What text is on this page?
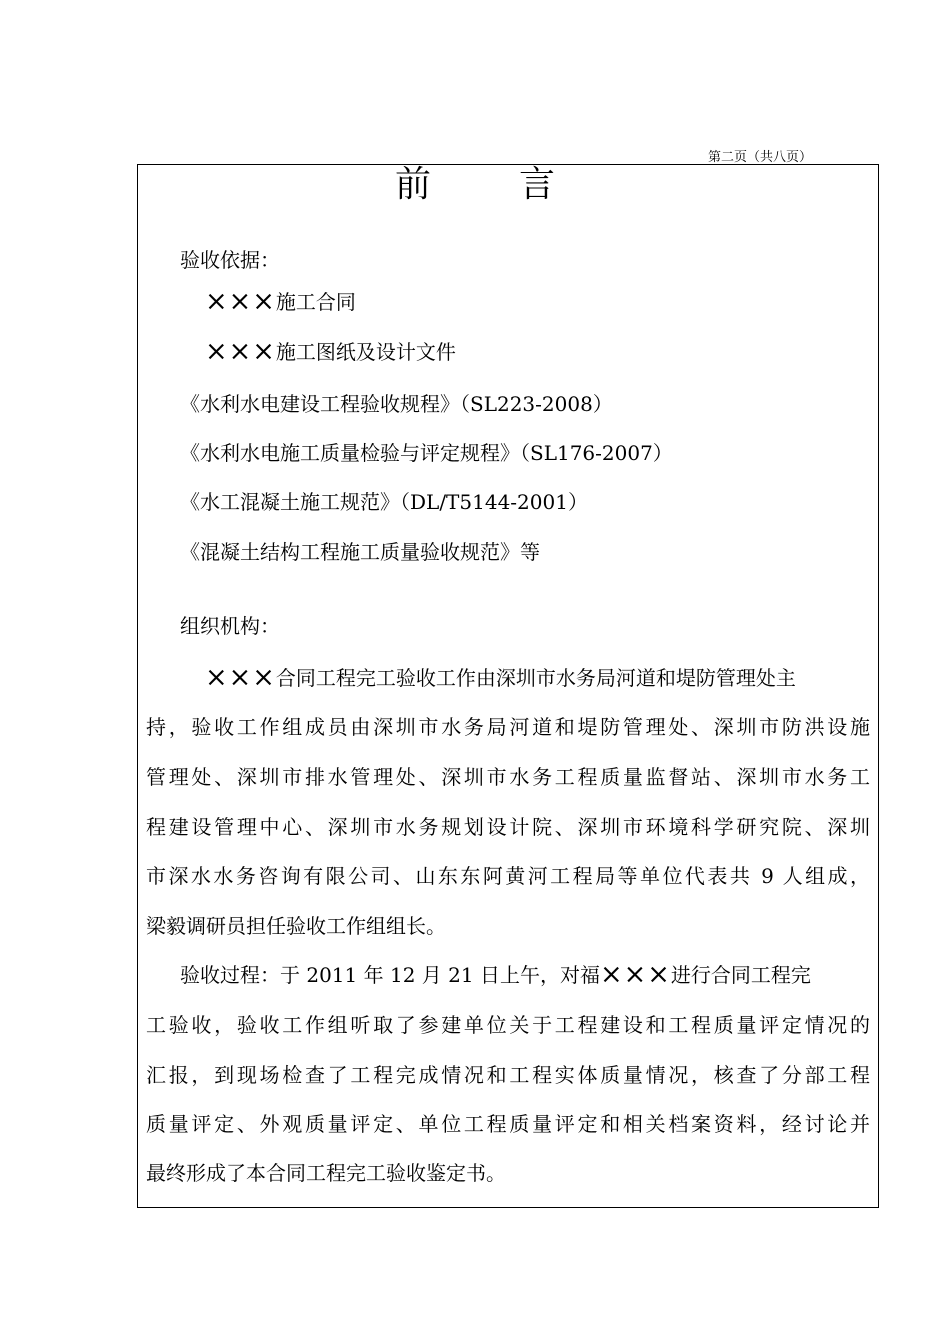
第二页（共八页）
前 言
验收依据：
×××施工合同
×××施工图纸及设计文件
《水利水电建设工程验收规程》（SL223-2008）
《水利水电施工质量检验与评定规程》（SL176-2007）
《水工混凝土施工规范》（DL/T5144-2001）
《混凝土结构工程施工质量验收规范》等
组织机构：
×××合同工程完工验收工作由深圳市水务局河道和堤防管理处主
持，验收工作组成员由深圳市水务局河道和堤防管理处、深圳市防洪设施
管理处、深圳市排水管理处、深圳市水务工程质量监督站、深圳市水务工
程建设管理中心、深圳市水务规划设计院、深圳市环境科学研究院、深圳
市深水水务咨询有限公司、山东东阿黄河工程局等单位代表共 9 人组成，
梁毅调研员担任验收工作组组长。
验收过程：于 2011 年 12 月 21 日上午，对福×××进行合同工程完
工验收，验收工作组听取了参建单位关于工程建设和工程质量评定情况的
汇报，到现场检查了工程完成情况和工程实体质量情况，核查了分部工程
质量评定、外观质量评定、单位工程质量评定和相关档案资料，经讨论并
最终形成了本合同工程完工验收鉴定书。
